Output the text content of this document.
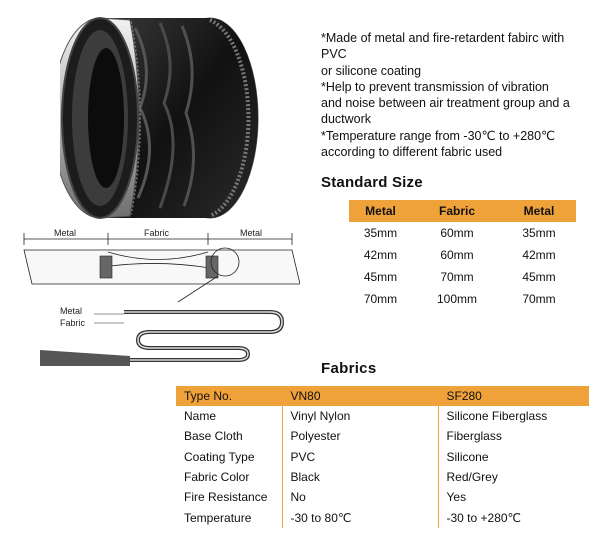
Metal	Fabric	Metal
Metal
Fabric

*Made of metal and fire-retardent fabirc with PVC

or silicone coating

*Help to prevent transmission of vibration

and noise between air treatment group and a

ductwork

*Temperature range from -30℃ to +280℃

according to different fabric used

Standard Size
Metal	Fabric	Metal
35mm	60mm	35mm
42mm	60mm	42mm
45mm	70mm	45mm
70mm	100mm	70mm
Fabrics
Type No.	VN80	SF280
Name	Vinyl Nylon	Silicone Fiberglass
Base Cloth	Polyester	Fiberglass
Coating Type	PVC	Silicone
Fabric Color	Black	Red/Grey
Fire Resistance	No	Yes
Temperature	-30 to 80℃	-30 to +280℃
